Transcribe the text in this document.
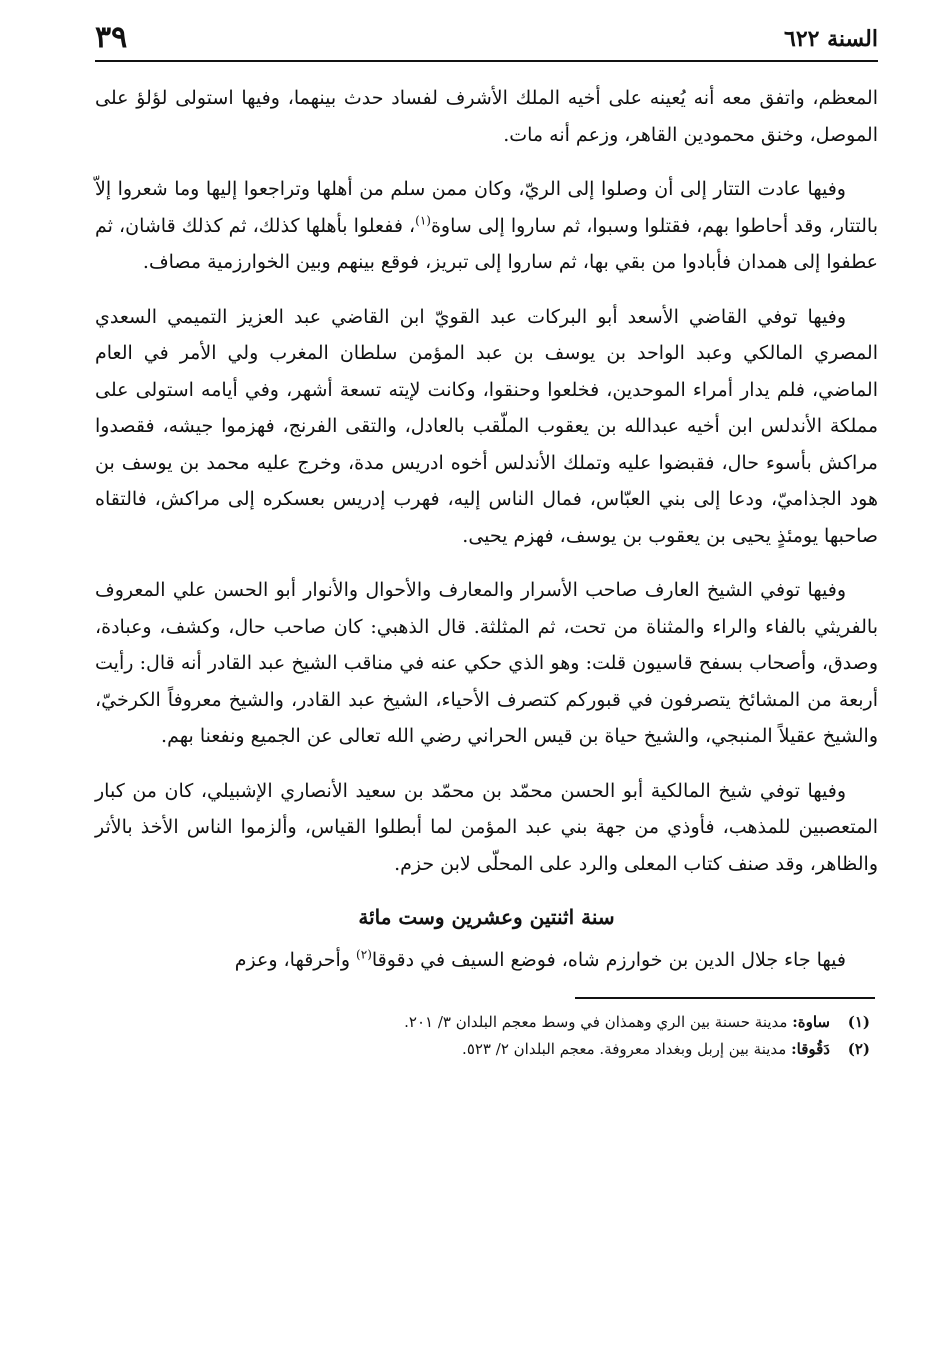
السنة ٦٢٢
٣٩

المعظم، واتفق معه أنه يُعينه على أخيه الملك الأشرف لفساد حدث بينهما، وفيها استولى لؤلؤ على الموصل، وخنق محمودين القاهر، وزعم أنه مات.

وفيها عادت التتار إلى أن وصلوا إلى الريّ، وكان ممن سلم من أهلها وتراجعوا إليها وما شعروا إلاّ بالتتار، وقد أحاطوا بهم، فقتلوا وسبوا، ثم ساروا إلى ساوة$^{(١)}$، ففعلوا بأهلها كذلك، ثم كذلك قاشان، ثم عطفوا إلى همدان فأبادوا من بقي بها، ثم ساروا إلى تبريز، فوقع بينهم وبين الخوارزمية مصاف.

وفيها توفي القاضي الأسعد أبو البركات عبد القويّ ابن القاضي عبد العزيز التميمي السعدي المصري المالكي وعبد الواحد بن يوسف بن عبد المؤمن سلطان المغرب ولي الأمر في العام الماضي، فلم يدار أمراء الموحدين، فخلعوا وحنقوا، وكانت لإيته تسعة أشهر، وفي أيامه استولى على مملكة الأندلس ابن أخيه عبدالله بن يعقوب الملّقب بالعادل، والتقى الفرنج، فهزموا جيشه، فقصدوا مراكش بأسوء حال، فقبضوا عليه وتملك الأندلس أخوه ادريس مدة، وخرج عليه محمد بن يوسف بن هود الجذاميّ، ودعا إلى بني العبّاس، فمال الناس إليه، فهرب إدريس بعسكره إلى مراكش، فالتقاه صاحبها يومئذٍ يحيى بن يعقوب بن يوسف، فهزم يحيى.

وفيها توفي الشيخ العارف صاحب الأسرار والمعارف والأحوال والأنوار أبو الحسن علي المعروف بالفريثي بالفاء والراء والمثناة من تحت، ثم المثلثة. قال الذهبي: كان صاحب حال، وكشف، وعبادة، وصدق، وأصحاب بسفح قاسيون قلت: وهو الذي حكي عنه في مناقب الشيخ عبد القادر أنه قال: رأيت أربعة من المشائخ يتصرفون في قبوركم كتصرف الأحياء، الشيخ عبد القادر، والشيخ معروفاً الكرخيّ، والشيخ عقيلاً المنبجي، والشيخ حياة بن قيس الحراني رضي الله تعالى عن الجميع ونفعنا بهم.

وفيها توفي شيخ المالكية أبو الحسن محمّد بن محمّد بن سعيد الأنصاري الإشبيلي، كان من كبار المتعصبين للمذهب، فأوذي من جهة بني عبد المؤمن لما أبطلوا القياس، وألزموا الناس الأخذ بالأثر والظاهر، وقد صنف كتاب المعلى والرد على المحلّى لابن حزم.

سنة اثنتين وعشرين وست مائة

فيها جاء جلال الدين بن خوارزم شاه، فوضع السيف في دقوقا$^{(٢)}$ وأحرقها، وعزم

(١)
ساوة: مدينة حسنة بين الري وهمذان في وسط معجم البلدان ٣/ ٢٠١.
(٢)
دَقُوقا: مدينة بين إربل وبغداد معروفة. معجم البلدان ٢/ ٥٢٣.
